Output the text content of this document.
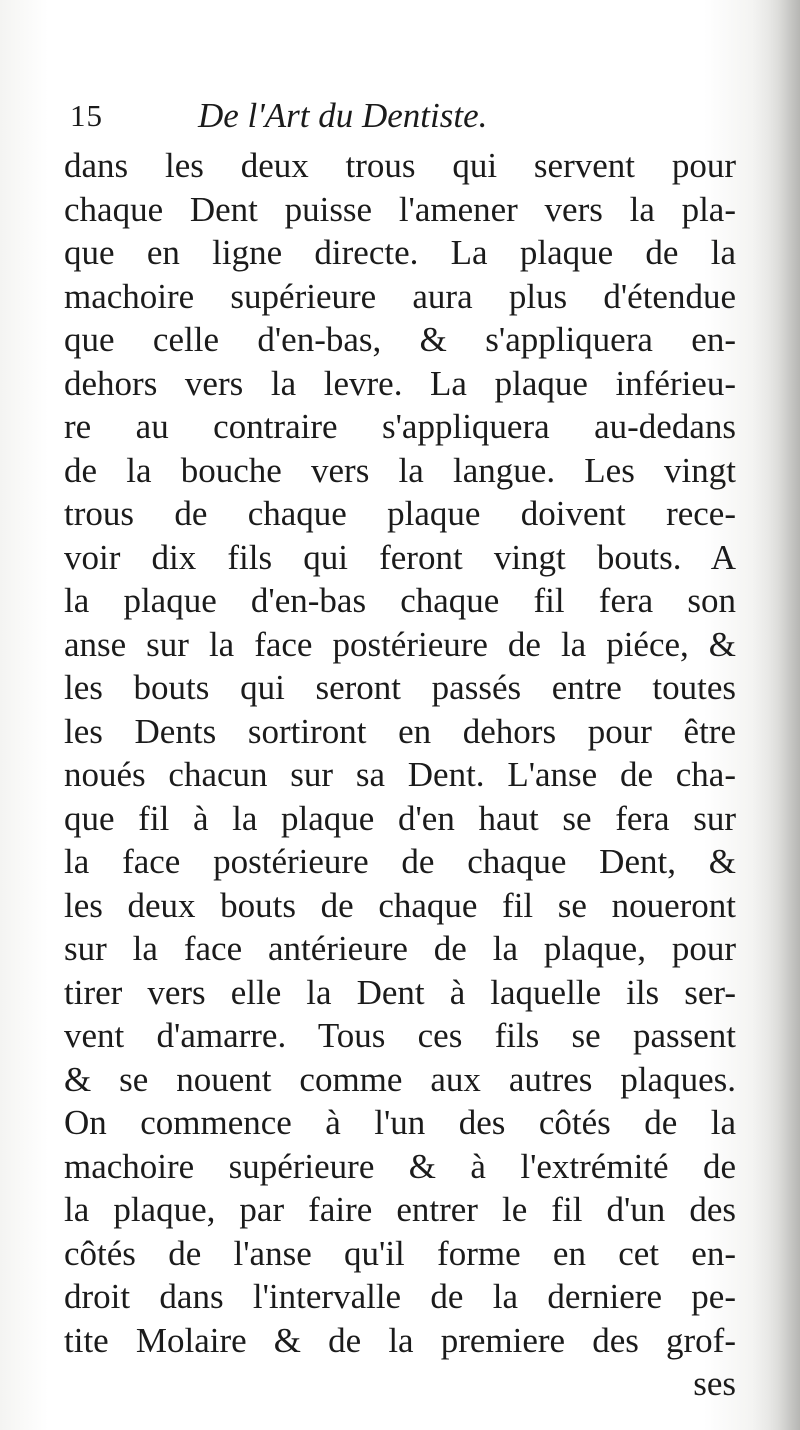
15	De l'Art du Dentiste.
dans les deux trous qui servent pour
chaque Dent puisse l'amener vers la pla-
que en ligne directe. La plaque de la
machoire supérieure aura plus d'étendue
que celle d'en-bas, & s'appliquera en-
dehors vers la levre. La plaque inférieu-
re au contraire s'appliquera au-dedans
de la bouche vers la langue. Les vingt
trous de chaque plaque doivent rece-
voir dix fils qui feront vingt bouts. A
la plaque d'en-bas chaque fil fera son
anse sur la face postérieure de la piéce, &
les bouts qui seront passés entre toutes
les Dents sortiront en dehors pour être
noués chacun sur sa Dent. L'anse de cha-
que fil à la plaque d'en haut se fera sur
la face postérieure de chaque Dent, &
les deux bouts de chaque fil se noueront
sur la face antérieure de la plaque, pour
tirer vers elle la Dent à laquelle ils ser-
vent d'amarre. Tous ces fils se passent
& se nouent comme aux autres plaques.
On commence à l'un des côtés de la
machoire supérieure & à l'extrémité de
la plaque, par faire entrer le fil d'un des
côtés de l'anse qu'il forme en cet en-
droit dans l'intervalle de la derniere pe-
tite Molaire & de la premiere des grof-
ses
